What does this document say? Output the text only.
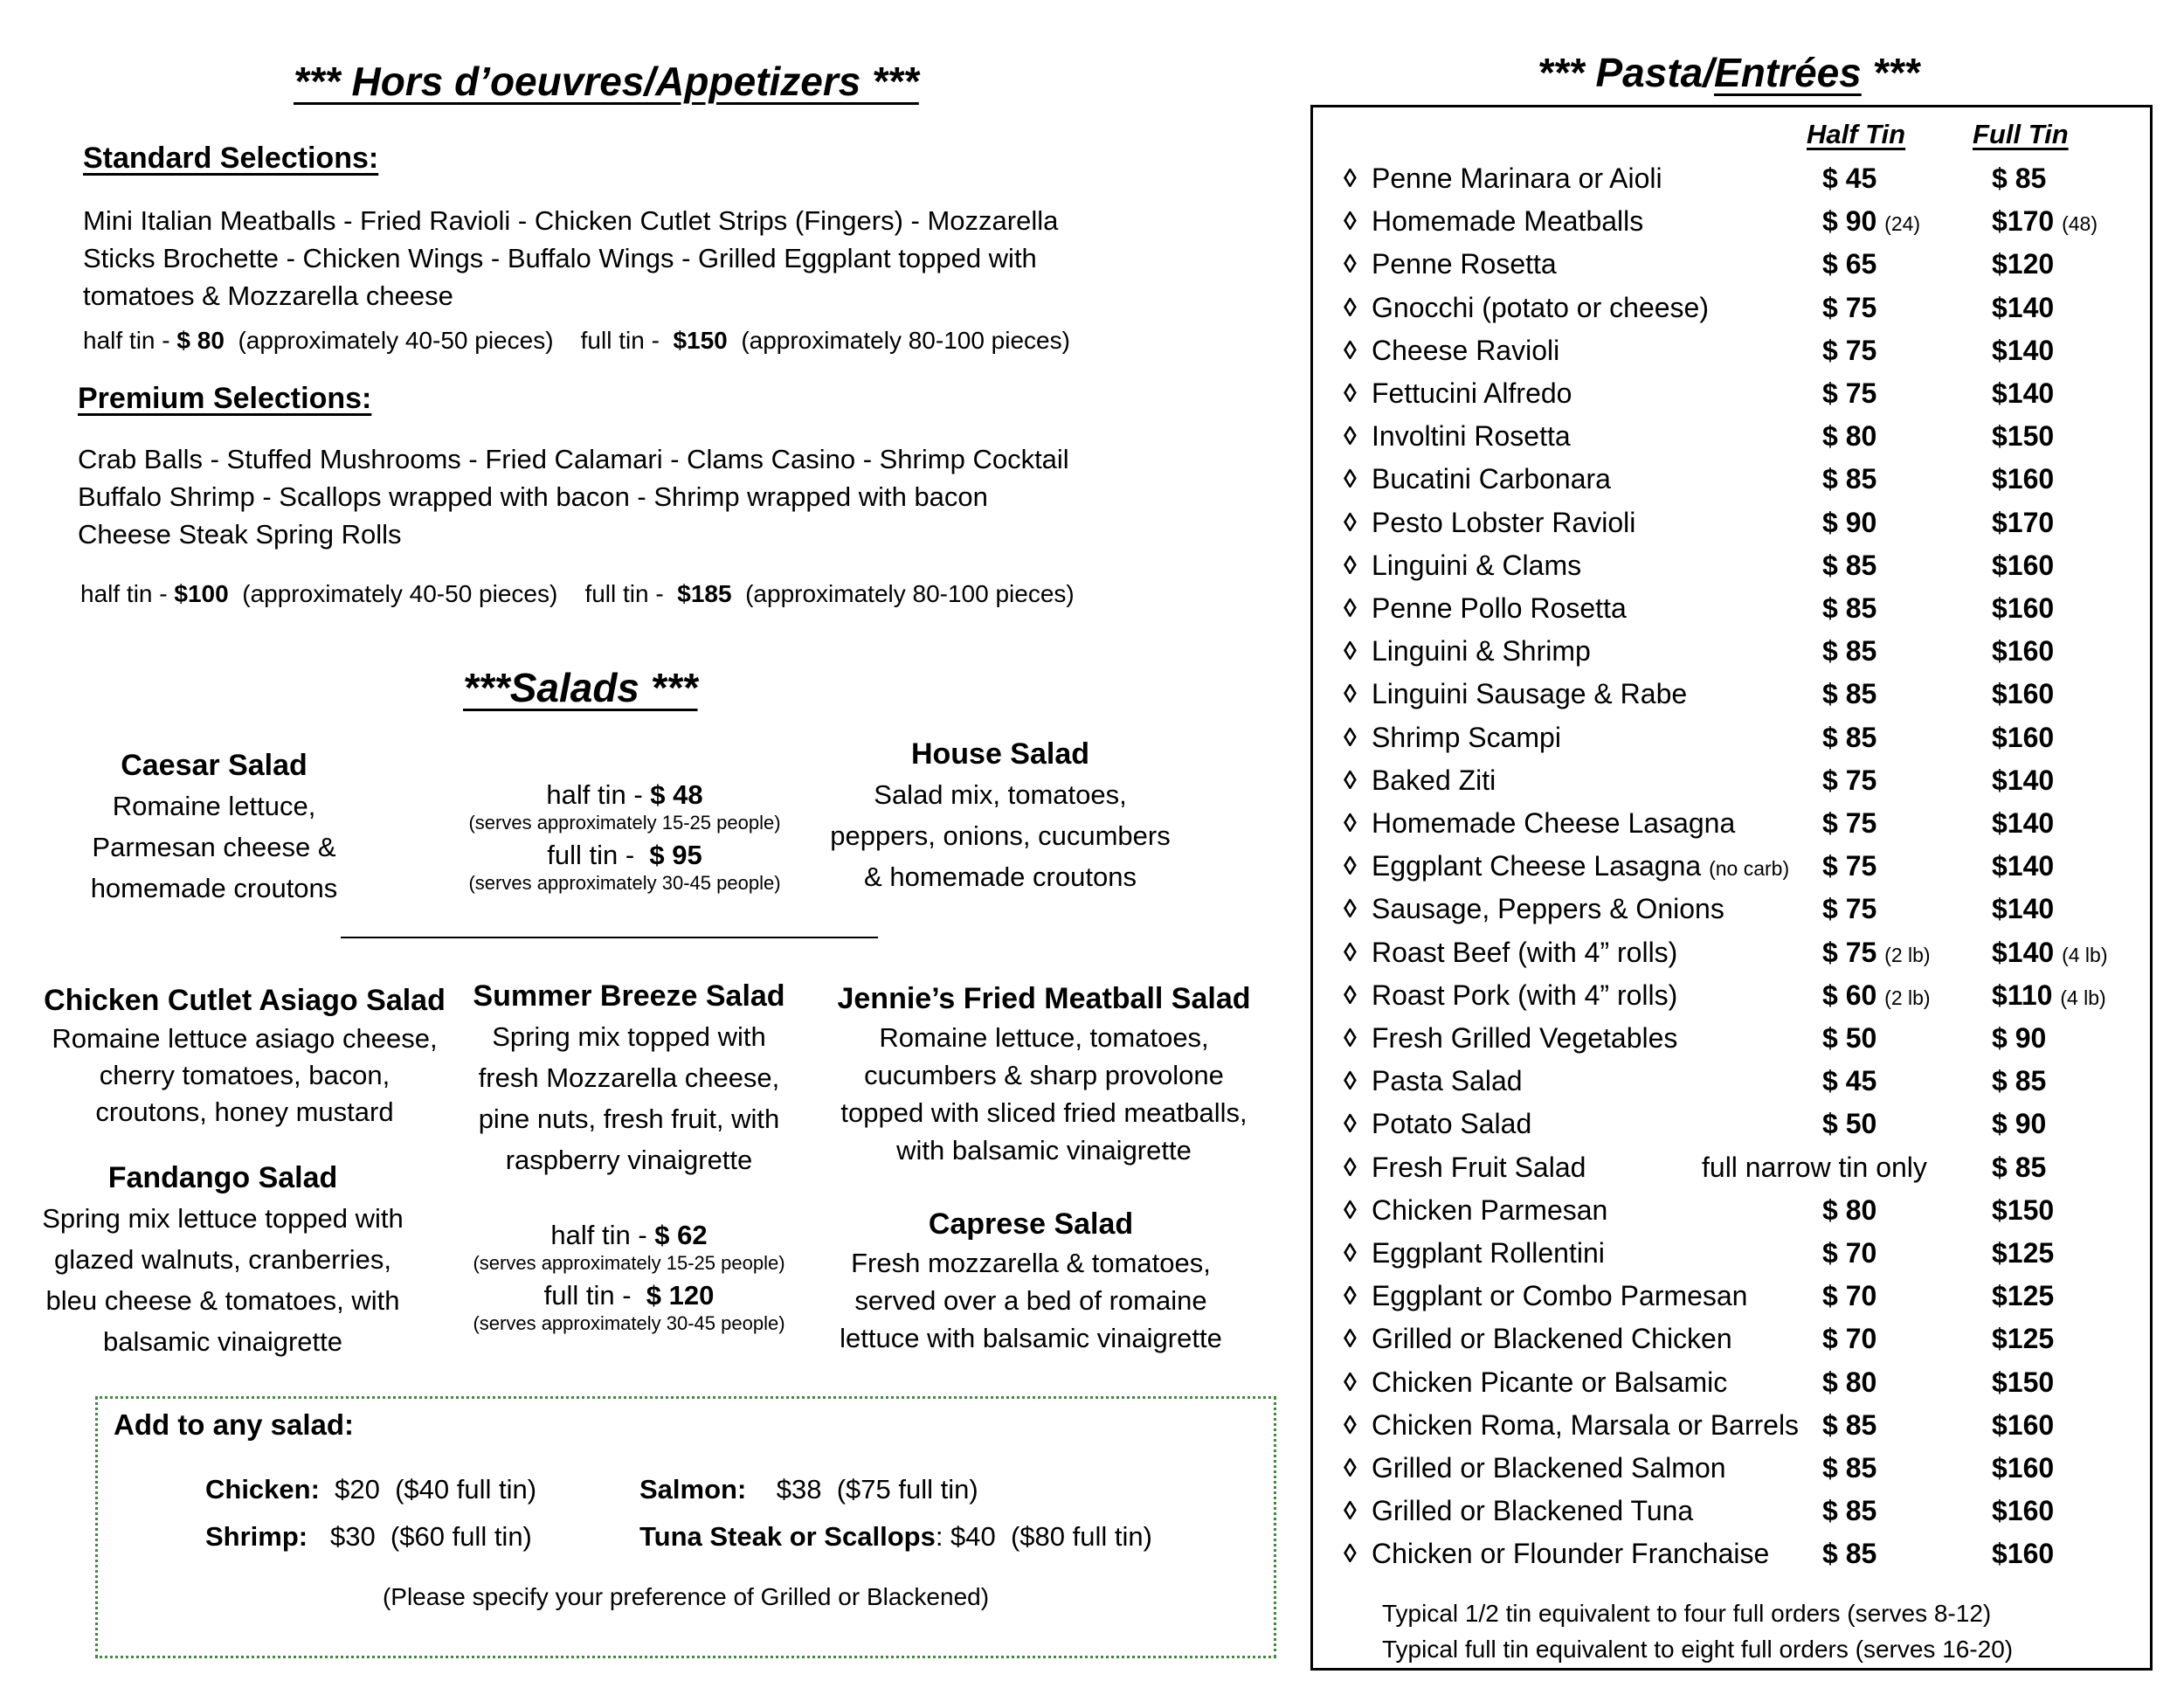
*** Hors d’oeuvres/Appetizers ***
Standard Selections:
Mini Italian Meatballs - Fried Ravioli - Chicken Cutlet Strips (Fingers) - Mozzarella
Sticks Brochette - Chicken Wings - Buffalo Wings - Grilled Eggplant topped with
tomatoes & Mozzarella cheese
half tin - $ 80 (approximately 40-50 pieces) full tin -  $150 (approximately 80-100 pieces)
Premium Selections:
Crab Balls - Stuffed Mushrooms - Fried Calamari - Clams Casino - Shrimp Cocktail
Buffalo Shrimp - Scallops wrapped with bacon - Shrimp wrapped with bacon
Cheese Steak Spring Rolls
half tin - $100 (approximately 40-50 pieces) full tin -  $185 (approximately 80-100 pieces)
***Salads ***
Caesar Salad
Romaine lettuce,
Parmesan cheese &
homemade croutons
half tin - $ 48
(serves approximately 15-25 people)
full tin -  $ 95
(serves approximately 30-45 people)
House Salad
Salad mix, tomatoes,
peppers, onions, cucumbers
& homemade croutons
Chicken Cutlet Asiago Salad
Romaine lettuce asiago cheese,
cherry tomatoes, bacon,
croutons, honey mustard
Summer Breeze Salad
Spring mix topped with
fresh Mozzarella cheese,
pine nuts, fresh fruit, with
raspberry vinaigrette
Jennie’s Fried Meatball Salad
Romaine lettuce, tomatoes,
cucumbers & sharp provolone
topped with sliced fried meatballs,
with balsamic vinaigrette
Fandango Salad
Spring mix lettuce topped with
glazed walnuts, cranberries,
bleu cheese & tomatoes, with
balsamic vinaigrette
half tin - $ 62
(serves approximately 15-25 people)
full tin -  $ 120
(serves approximately 30-45 people)
Caprese Salad
Fresh mozzarella & tomatoes,
served over a bed of romaine
lettuce with balsamic vinaigrette
Add to any salad:
Chicken: $20  ($40 full tin)
Shrimp: $30  ($60 full tin)
Salmon: $38  ($75 full tin)
Tuna Steak or Scallops: $40  ($80 full tin)
(Please specify your preference of Grilled or Blackened)
*** Pasta/Entrées ***
Half Tin Full Tin
◊ Penne Marinara or Aioli	$ 45	$ 85
◊ Homemade Meatballs	$ 90 (24)	$170 (48)
◊ Penne Rosetta	$ 65	$120
◊ Gnocchi (potato or cheese)	$ 75	$140
◊ Cheese Ravioli	$ 75	$140
◊ Fettucini Alfredo	$ 75	$140
◊ Involtini Rosetta	$ 80	$150
◊ Bucatini Carbonara	$ 85	$160
◊ Pesto Lobster Ravioli	$ 90	$170
◊ Linguini & Clams	$ 85	$160
◊ Penne Pollo Rosetta	$ 85	$160
◊ Linguini & Shrimp	$ 85	$160
◊ Linguini Sausage & Rabe	$ 85	$160
◊ Shrimp Scampi	$ 85	$160
◊ Baked Ziti	$ 75	$140
◊ Homemade Cheese Lasagna	$ 75	$140
◊ Eggplant Cheese Lasagna (no carb) $ 75	$140
◊ Sausage, Peppers & Onions	$ 75	$140
◊ Roast Beef (with 4” rolls)	$ 75 (2 lb) $140 (4 lb)
◊ Roast Pork (with 4” rolls)	$ 60 (2 lb) $110 (4 lb)
◊ Fresh Grilled Vegetables	$ 50	$ 90
◊ Pasta Salad	$ 45	$ 85
◊ Potato Salad	$ 50	$ 90
◊ Fresh Fruit Salad	full narrow tin only $ 85
◊ Chicken Parmesan	$ 80	$150
◊ Eggplant Rollentini	$ 70	$125
◊ Eggplant or Combo Parmesan	$ 70	$125
◊ Grilled or Blackened Chicken	$ 70	$125
◊ Chicken Picante or Balsamic	$ 80	$150
◊ Chicken Roma, Marsala or Barrels $ 85	$160
◊ Grilled or Blackened Salmon	$ 85	$160
◊ Grilled or Blackened Tuna	$ 85	$160
◊ Chicken or Flounder Franchaise $ 85	$160
Typical 1/2 tin equivalent to four full orders (serves 8-12)
Typical full tin equivalent to eight full orders (serves 16-20)
